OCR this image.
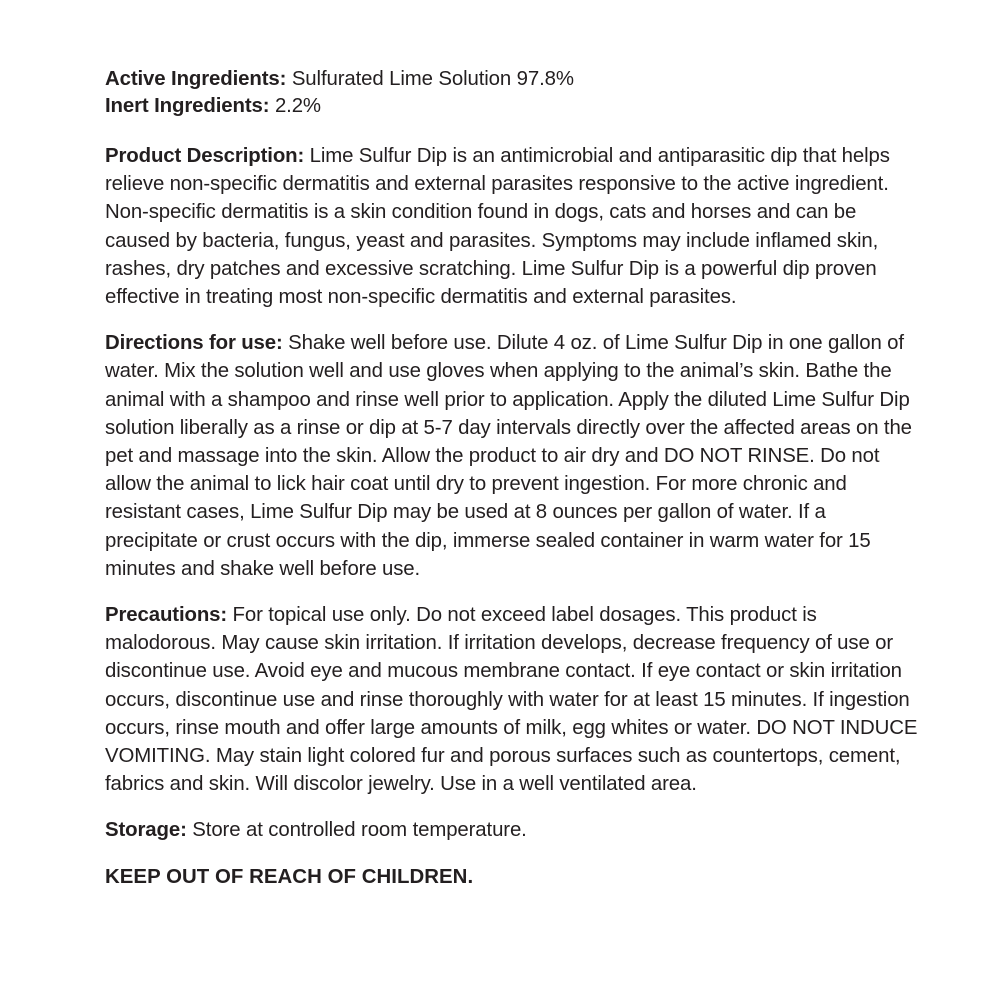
Active Ingredients: Sulfurated Lime Solution 97.8%
Inert Ingredients: 2.2%

Product Description: Lime Sulfur Dip is an antimicrobial and antiparasitic dip that helps relieve non-specific dermatitis and external parasites responsive to the active ingredient. Non-specific dermatitis is a skin condition found in dogs, cats and horses and can be caused by bacteria, fungus, yeast and parasites. Symptoms may include inflamed skin, rashes, dry patches and excessive scratching. Lime Sulfur Dip is a powerful dip proven effective in treating most non-specific dermatitis and external parasites.

Directions for use: Shake well before use. Dilute 4 oz. of Lime Sulfur Dip in one gallon of water. Mix the solution well and use gloves when applying to the animal’s skin. Bathe the animal with a shampoo and rinse well prior to application. Apply the diluted Lime Sulfur Dip solution liberally as a rinse or dip at 5-7 day intervals directly over the affected areas on the pet and massage into the skin. Allow the product to air dry and DO NOT RINSE. Do not allow the animal to lick hair coat until dry to prevent ingestion. For more chronic and resistant cases, Lime Sulfur Dip may be used at 8 ounces per gallon of water. If a precipitate or crust occurs with the dip, immerse sealed container in warm water for 15 minutes and shake well before use.

Precautions: For topical use only. Do not exceed label dosages. This product is malodorous. May cause skin irritation. If irritation develops, decrease frequency of use or discontinue use. Avoid eye and mucous membrane contact. If eye contact or skin irritation occurs, discontinue use and rinse thoroughly with water for at least 15 minutes. If ingestion occurs, rinse mouth and offer large amounts of milk, egg whites or water. DO NOT INDUCE VOMITING. May stain light colored fur and porous surfaces such as countertops, cement, fabrics and skin. Will discolor jewelry. Use in a well ventilated area.

Storage: Store at controlled room temperature.
KEEP OUT OF REACH OF CHILDREN.
